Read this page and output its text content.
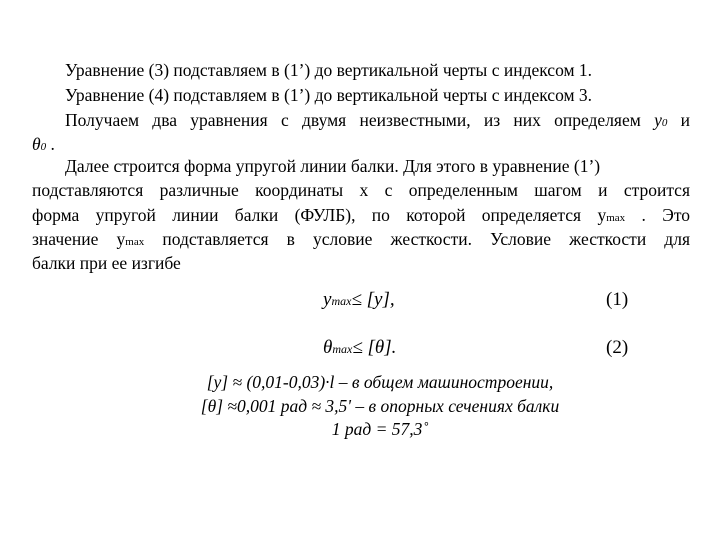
Уравнение (3) подставляем в (1’) до вертикальной черты с индексом 1.
Уравнение (4) подставляем в (1’) до вертикальной черты с индексом 3.
Получаем два уравнения с двумя неизвестными, из них определяем y0 и
θ0 .
Далее строится форма упругой линии балки. Для этого в уравнение (1’)
подставляются различные координаты х с определенным шагом и строится
форма упругой линии балки (ФУЛБ), по которой определяется уmax . Это
значение уmax подставляется в условие жесткости. Условие жесткости для
балки при ее изгибе
ymax≤ [y],	(1)
θmax≤ [θ].	(2)
[y] ≈ (0,01-0,03)·l – в общем машиностроении,
[θ] ≈0,001 рад ≈ 3,5' – в опорных сечениях балки
1 рад = 57,3˚
